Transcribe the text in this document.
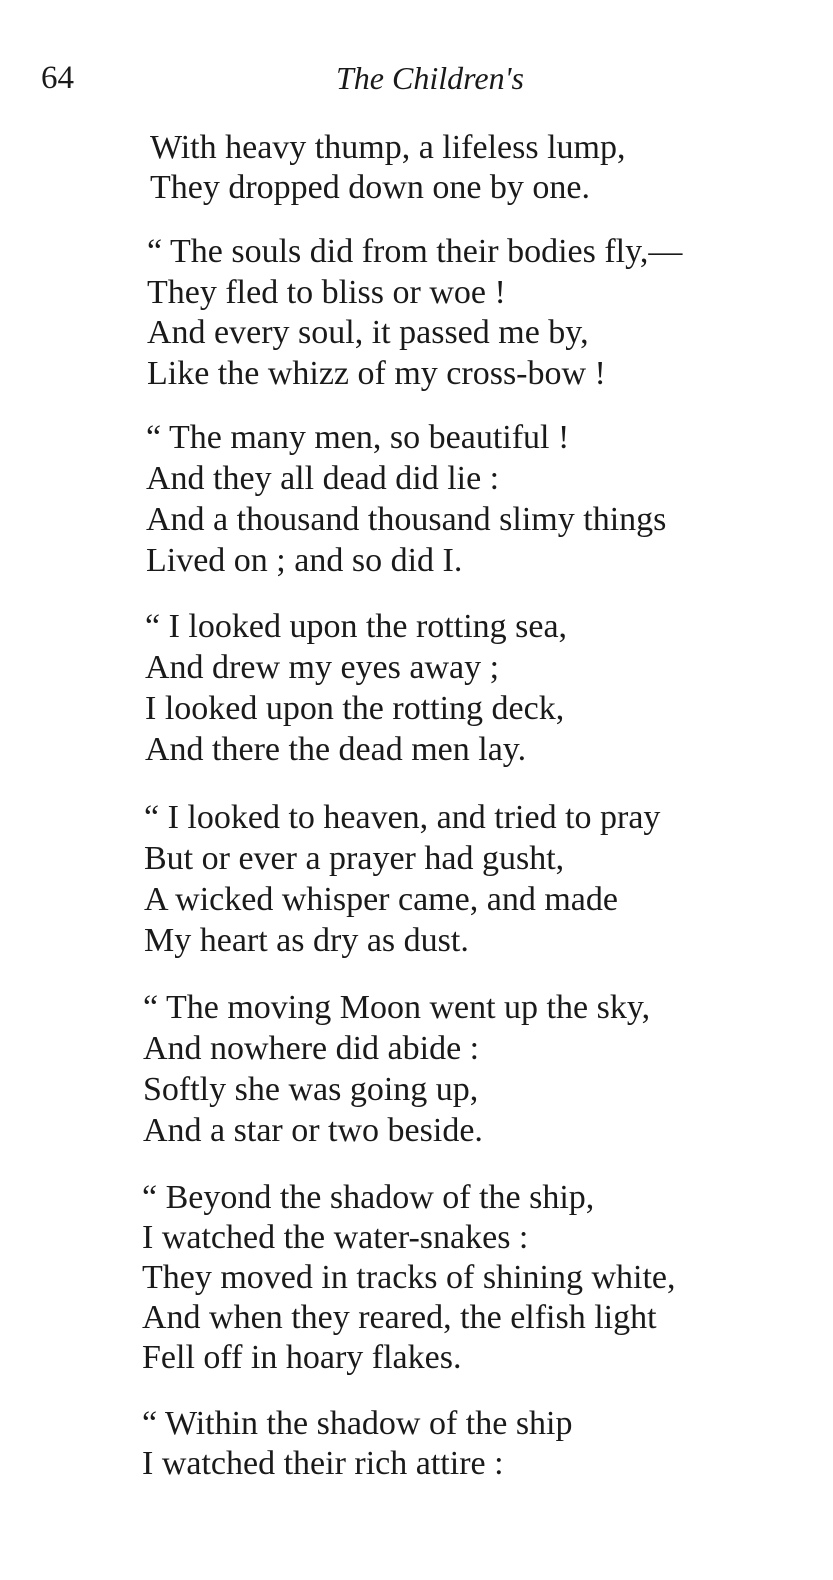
64	The Children's
With heavy thump, a lifeless lump,
They dropped down one by one.
“ The souls did from their bodies fly,—
They fled to bliss or woe !
And every soul, it passed me by,
Like the whizz of my cross-bow !
“ The many men, so beautiful !
And they all dead did lie :
And a thousand thousand slimy things
Lived on ; and so did I.
“ I looked upon the rotting sea,
And drew my eyes away ;
I looked upon the rotting deck,
And there the dead men lay.
“ I looked to heaven, and tried to pray
But or ever a prayer had gusht,
A wicked whisper came, and made
My heart as dry as dust.
“ The moving Moon went up the sky,
And nowhere did abide :
Softly she was going up,
And a star or two beside.
“ Beyond the shadow of the ship,
I watched the water-snakes :
They moved in tracks of shining white,
And when they reared, the elfish light
Fell off in hoary flakes.
“ Within the shadow of the ship
I watched their rich attire :
